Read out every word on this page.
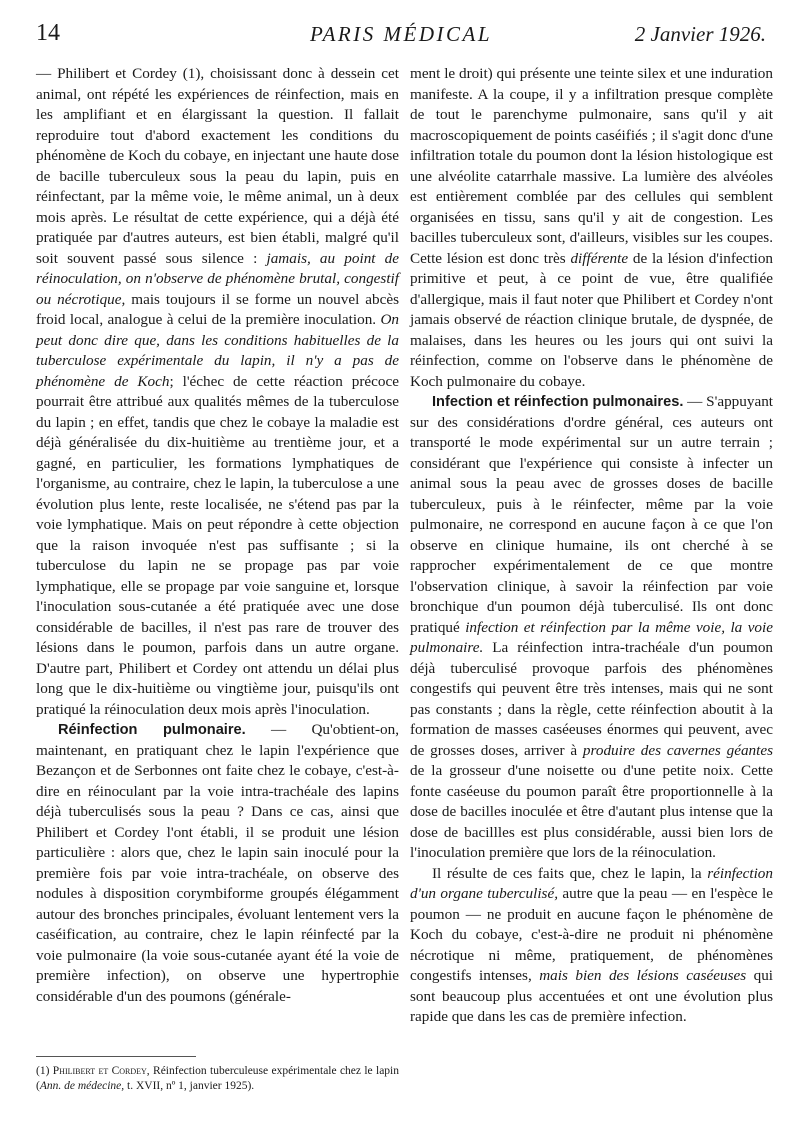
14	PARIS MÉDICAL	2 Janvier 1926.

— Philibert et Cordey (1), choisissant donc à dessein cet animal, ont répété les expériences de réinfection, mais en les amplifiant et en élargissant la question. Il fallait reproduire tout d'abord exactement les conditions du phénomène de Koch du cobaye, en injectant une haute dose de bacille tuberculeux sous la peau du lapin, puis en réinfectant, par la même voie, le même animal, un à deux mois après. Le résultat de cette expérience, qui a déjà été pratiquée par d'autres auteurs, est bien établi, malgré qu'il soit souvent passé sous silence : jamais, au point de réinoculation, on n'observe de phénomène brutal, congestif ou nécrotique, mais toujours il se forme un nouvel abcès froid local, analogue à celui de la première inoculation. On peut donc dire que, dans les conditions habituelles de la tuberculose expérimentale du lapin, il n'y a pas de phénomène de Koch; l'échec de cette réaction précoce pourrait être attribué aux qualités mêmes de la tuberculose du lapin ; en effet, tandis que chez le cobaye la maladie est déjà généralisée du dix-huitième au trentième jour, et a gagné, en particulier, les formations lymphatiques de l'organisme, au contraire, chez le lapin, la tuberculose a une évolution plus lente, reste localisée, ne s'étend pas par la voie lymphatique. Mais on peut répondre à cette objection que la raison invoquée n'est pas suffisante ; si la tuberculose du lapin ne se propage pas par voie lymphatique, elle se propage par voie sanguine et, lorsque l'inoculation sous-cutanée a été pratiquée avec une dose considérable de bacilles, il n'est pas rare de trouver des lésions dans le poumon, parfois dans un autre organe. D'autre part, Philibert et Cordey ont attendu un délai plus long que le dix-huitième ou vingtième jour, puisqu'ils ont pratiqué la réinoculation deux mois après l'inoculation.

Réinfection pulmonaire. — Qu'obtient-on, maintenant, en pratiquant chez le lapin l'expérience que Bezançon et de Serbonnes ont faite chez le cobaye, c'est-à-dire en réinoculant par la voie intra-trachéale des lapins déjà tuberculisés sous la peau ? Dans ce cas, ainsi que Philibert et Cordey l'ont établi, il se produit une lésion particulière : alors que, chez le lapin sain inoculé pour la première fois par voie intra-trachéale, on observe des nodules à disposition corymbiforme groupés élégamment autour des bronches principales, évoluant lentement vers la caséification, au contraire, chez le lapin réinfecté par la voie pulmonaire (la voie sous-cutanée ayant été la voie de première infection), on observe une hypertrophie considérable d'un des poumons (générale-

(1) Philibert et Cordey, Réinfection tuberculeuse expérimentale chez le lapin (Ann. de médecine, t. XVII, nº 1, janvier 1925).

ment le droit) qui présente une teinte silex et une induration manifeste. A la coupe, il y a infiltration presque complète de tout le parenchyme pulmonaire, sans qu'il y ait macroscopiquement de points caséifiés ; il s'agit donc d'une infiltration totale du poumon dont la lésion histologique est une alvéolite catarrhale massive. La lumière des alvéoles est entièrement comblée par des cellules qui semblent organisées en tissu, sans qu'il y ait de congestion. Les bacilles tuberculeux sont, d'ailleurs, visibles sur les coupes. Cette lésion est donc très différente de la lésion d'infection primitive et peut, à ce point de vue, être qualifiée d'allergique, mais il faut noter que Philibert et Cordey n'ont jamais observé de réaction clinique brutale, de dyspnée, de malaises, dans les heures ou les jours qui ont suivi la réinfection, comme on l'observe dans le phénomène de Koch pulmonaire du cobaye.

Infection et réinfection pulmonaires. — S'appuyant sur des considérations d'ordre général, ces auteurs ont transporté le mode expérimental sur un autre terrain ; considérant que l'expérience qui consiste à infecter un animal sous la peau avec de grosses doses de bacille tuberculeux, puis à le réinfecter, même par la voie pulmonaire, ne correspond en aucune façon à ce que l'on observe en clinique humaine, ils ont cherché à se rapprocher expérimentalement de ce que montre l'observation clinique, à savoir la réinfection par voie bronchique d'un poumon déjà tuberculisé. Ils ont donc pratiqué infection et réinfection par la même voie, la voie pulmonaire. La réinfection intra-trachéale d'un poumon déjà tuberculisé provoque parfois des phénomènes congestifs qui peuvent être très intenses, mais qui ne sont pas constants ; dans la règle, cette réinfection aboutit à la formation de masses caséeuses énormes qui peuvent, avec de grosses doses, arriver à produire des cavernes géantes de la grosseur d'une noisette ou d'une petite noix. Cette fonte caséeuse du poumon paraît être proportionnelle à la dose de bacilles inoculée et être d'autant plus intense que la dose de bacillles est plus considérable, aussi bien lors de l'inoculation première que lors de la réinoculation.

Il résulte de ces faits que, chez le lapin, la réinfection d'un organe tuberculisé, autre que la peau — en l'espèce le poumon — ne produit en aucune façon le phénomène de Koch du cobaye, c'est-à-dire ne produit ni phénomène nécrotique ni même, pratiquement, de phénomènes congestifs intenses, mais bien des lésions caséeuses qui sont beaucoup plus accentuées et ont une évolution plus rapide que dans les cas de première infection.
